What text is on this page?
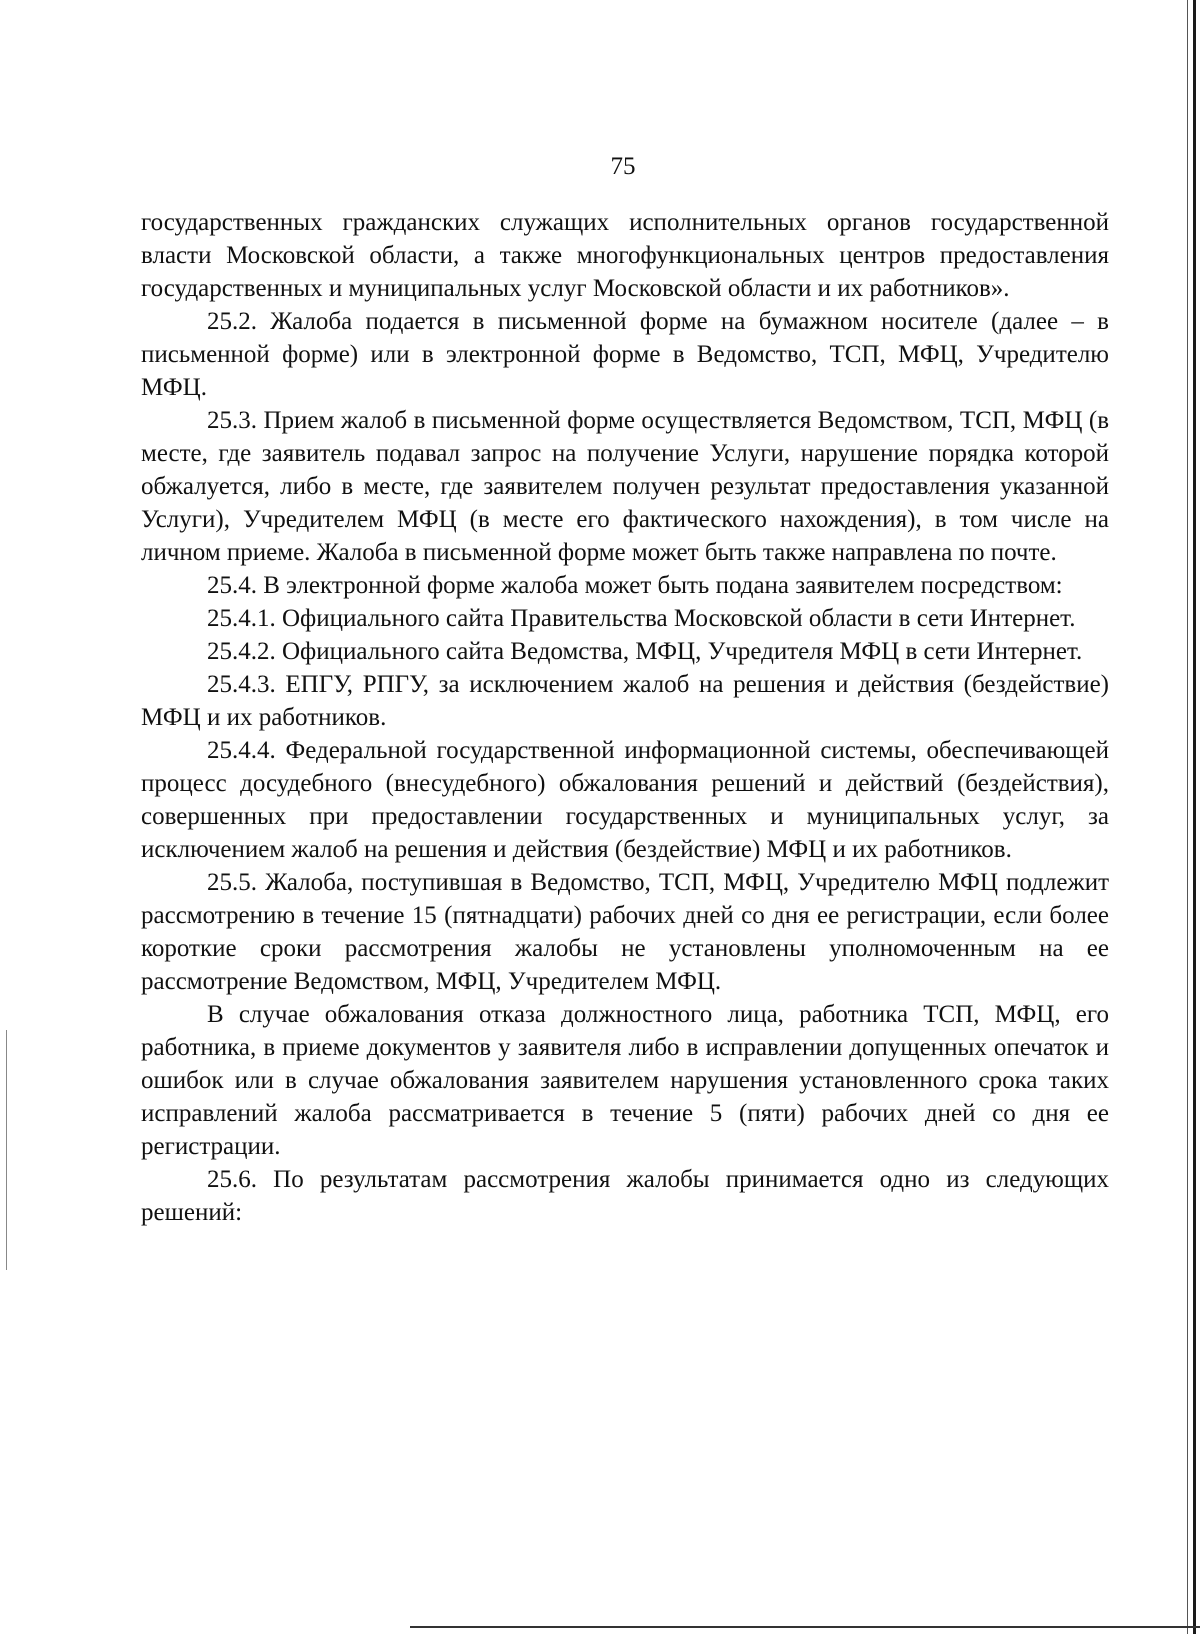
75

государственных гражданских служащих исполнительных органов государственной власти Московской области, а также многофункциональных центров предоставления государственных и муниципальных услуг Московской области и их работников».

25.2. Жалоба подается в письменной форме на бумажном носителе (далее – в письменной форме) или в электронной форме в Ведомство, ТСП, МФЦ, Учредителю МФЦ.

25.3. Прием жалоб в письменной форме осуществляется Ведомством, ТСП, МФЦ (в месте, где заявитель подавал запрос на получение Услуги, нарушение порядка которой обжалуется, либо в месте, где заявителем получен результат предоставления указанной Услуги), Учредителем МФЦ (в месте его фактического нахождения), в том числе на личном приеме. Жалоба в письменной форме может быть также направлена по почте.

25.4. В электронной форме жалоба может быть подана заявителем посредством:

25.4.1. Официального сайта Правительства Московской области в сети Интернет.

25.4.2. Официального сайта Ведомства, МФЦ, Учредителя МФЦ в сети Интернет.

25.4.3. ЕПГУ, РПГУ, за исключением жалоб на решения и действия (бездействие) МФЦ и их работников.

25.4.4. Федеральной государственной информационной системы, обеспечивающей процесс досудебного (внесудебного) обжалования решений и действий (бездействия), совершенных при предоставлении государственных и муниципальных услуг, за исключением жалоб на решения и действия (бездействие) МФЦ и их работников.

25.5. Жалоба, поступившая в Ведомство, ТСП, МФЦ, Учредителю МФЦ подлежит рассмотрению в течение 15 (пятнадцати) рабочих дней со дня ее регистрации, если более короткие сроки рассмотрения жалобы не установлены уполномоченным на ее рассмотрение Ведомством, МФЦ, Учредителем МФЦ.

В случае обжалования отказа должностного лица, работника ТСП, МФЦ, его работника, в приеме документов у заявителя либо в исправлении допущенных опечаток и ошибок или в случае обжалования заявителем нарушения установленного срока таких исправлений жалоба рассматривается в течение 5 (пяти) рабочих дней со дня ее регистрации.

25.6. По результатам рассмотрения жалобы принимается одно из следующих решений:
